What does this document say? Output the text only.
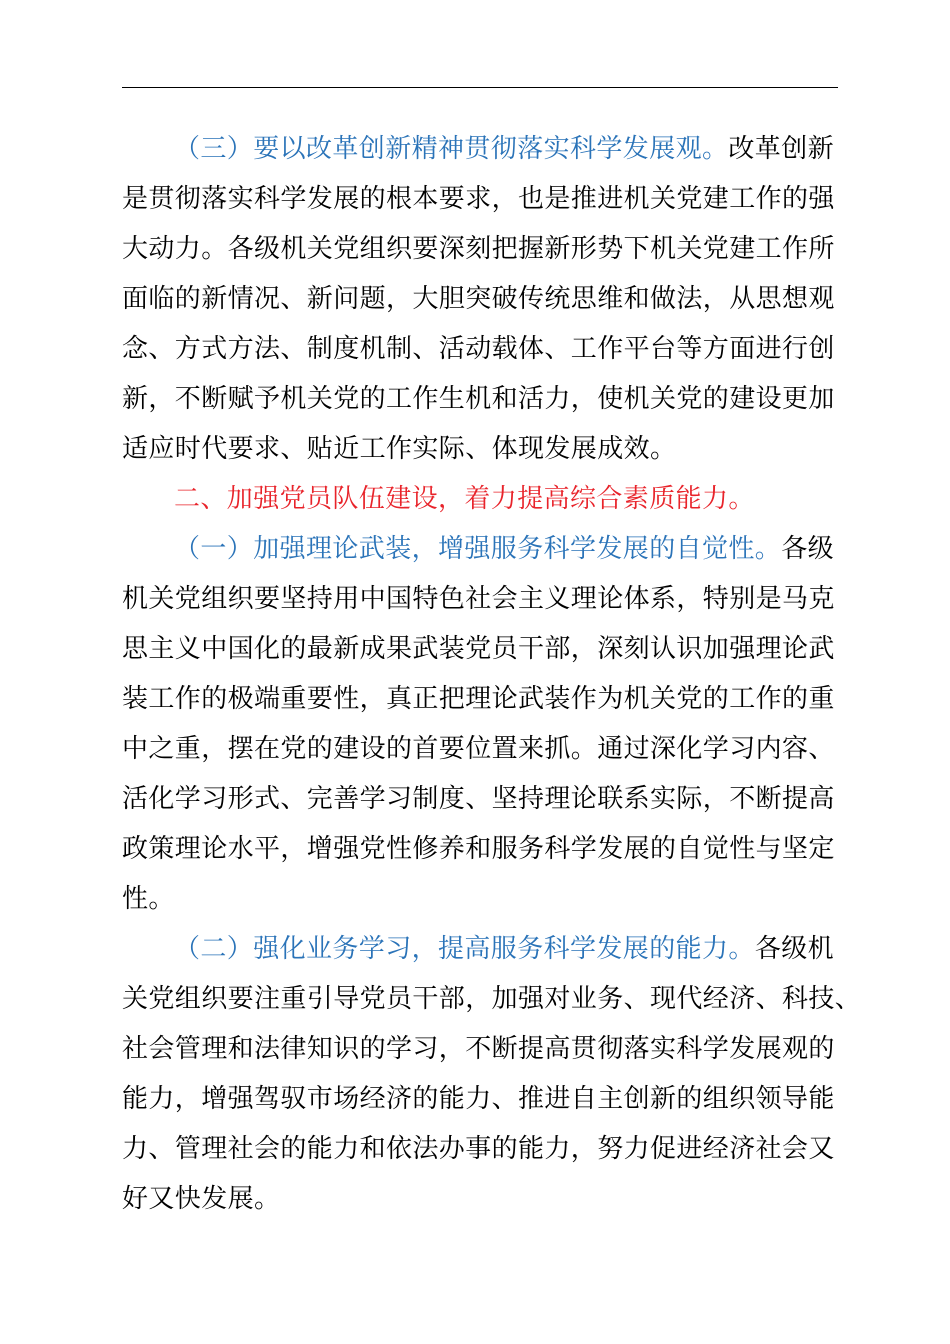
（三）要以改革创新精神贯彻落实科学发展观。改革创新
是贯彻落实科学发展的根本要求，也是推进机关党建工作的强
大动力。各级机关党组织要深刻把握新形势下机关党建工作所
面临的新情况、新问题，大胆突破传统思维和做法，从思想观
念、方式方法、制度机制、活动载体、工作平台等方面进行创
新，不断赋予机关党的工作生机和活力，使机关党的建设更加
适应时代要求、贴近工作实际、体现发展成效。

二、加强党员队伍建设，着力提高综合素质能力。

（一）加强理论武装，增强服务科学发展的自觉性。各级
机关党组织要坚持用中国特色社会主义理论体系，特别是马克
思主义中国化的最新成果武装党员干部，深刻认识加强理论武
装工作的极端重要性，真正把理论武装作为机关党的工作的重
中之重，摆在党的建设的首要位置来抓。通过深化学习内容、
活化学习形式、完善学习制度、坚持理论联系实际，不断提高
政策理论水平，增强党性修养和服务科学发展的自觉性与坚定
性。

（二）强化业务学习，提高服务科学发展的能力。各级机
关党组织要注重引导党员干部，加强对业务、现代经济、科技、
社会管理和法律知识的学习，不断提高贯彻落实科学发展观的
能力，增强驾驭市场经济的能力、推进自主创新的组织领导能
力、管理社会的能力和依法办事的能力，努力促进经济社会又
好又快发展。
